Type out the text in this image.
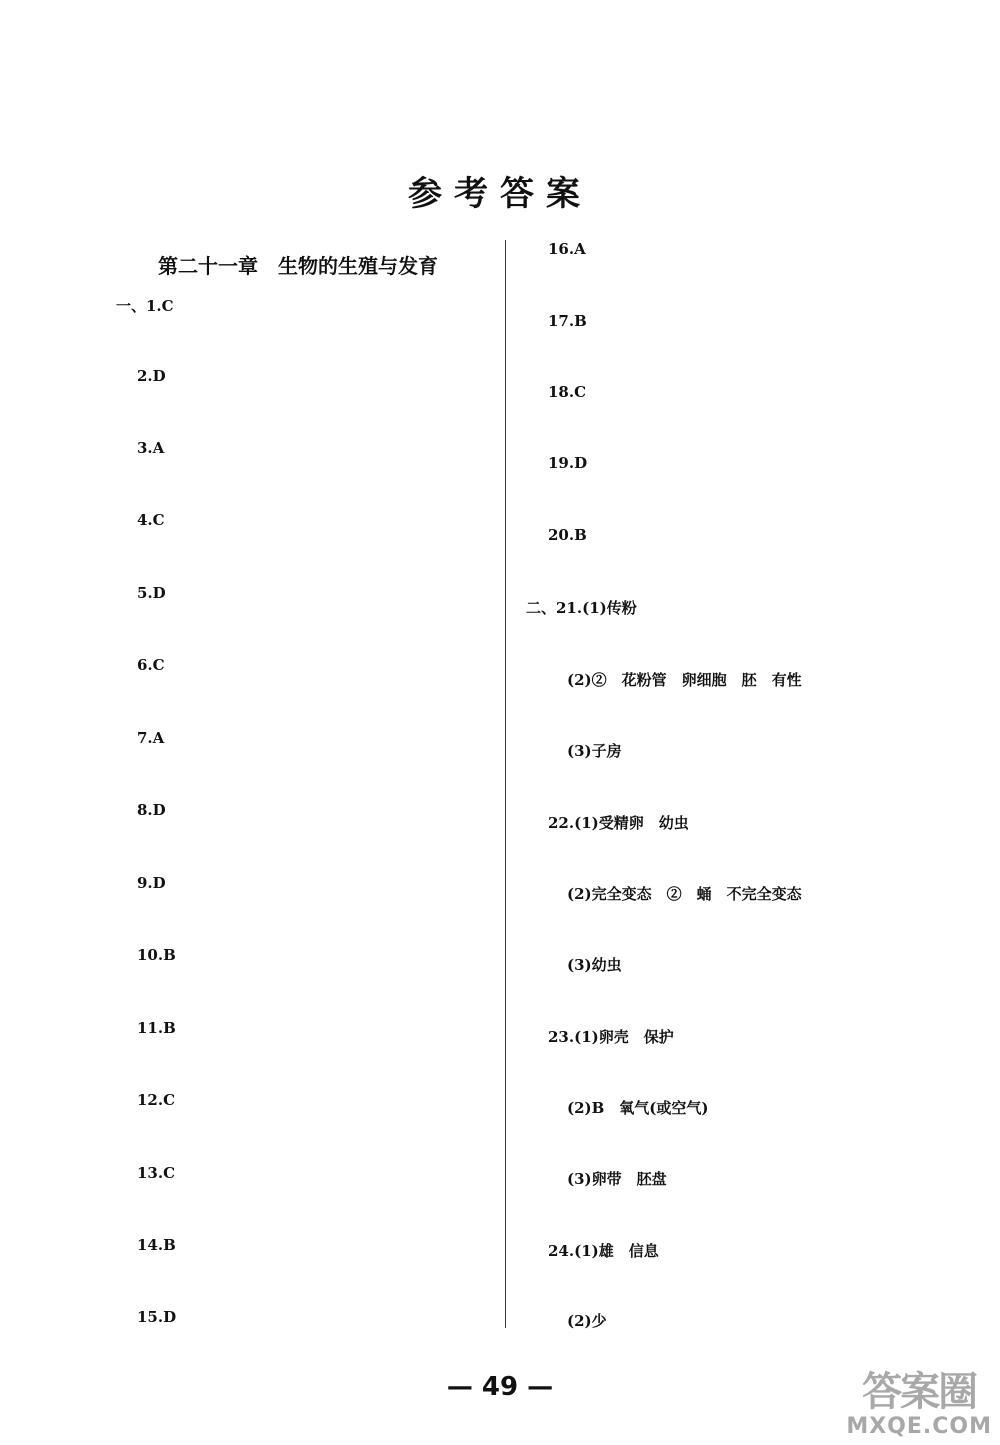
参考答案
第二十一章　生物的生殖与发育
一、1.C
2.D
3.A
4.C
5.D
6.C
7.A
8.D
9.D
10.B
11.B
12.C
13.C
14.B
15.D
16.A
17.B
18.C
19.D
20.B
二、21.(1)传粉
(2)②　花粉管　卵细胞　胚　有性
(3)子房
22.(1)受精卵　幼虫
(2)完全变态　②　蛹　不完全变态
(3)幼虫
23.(1)卵壳　保护
(2)B　氧气(或空气)
(3)卵带　胚盘
24.(1)雄　信息
(2)少
— 49 —	答案圈
MXQE.COM
